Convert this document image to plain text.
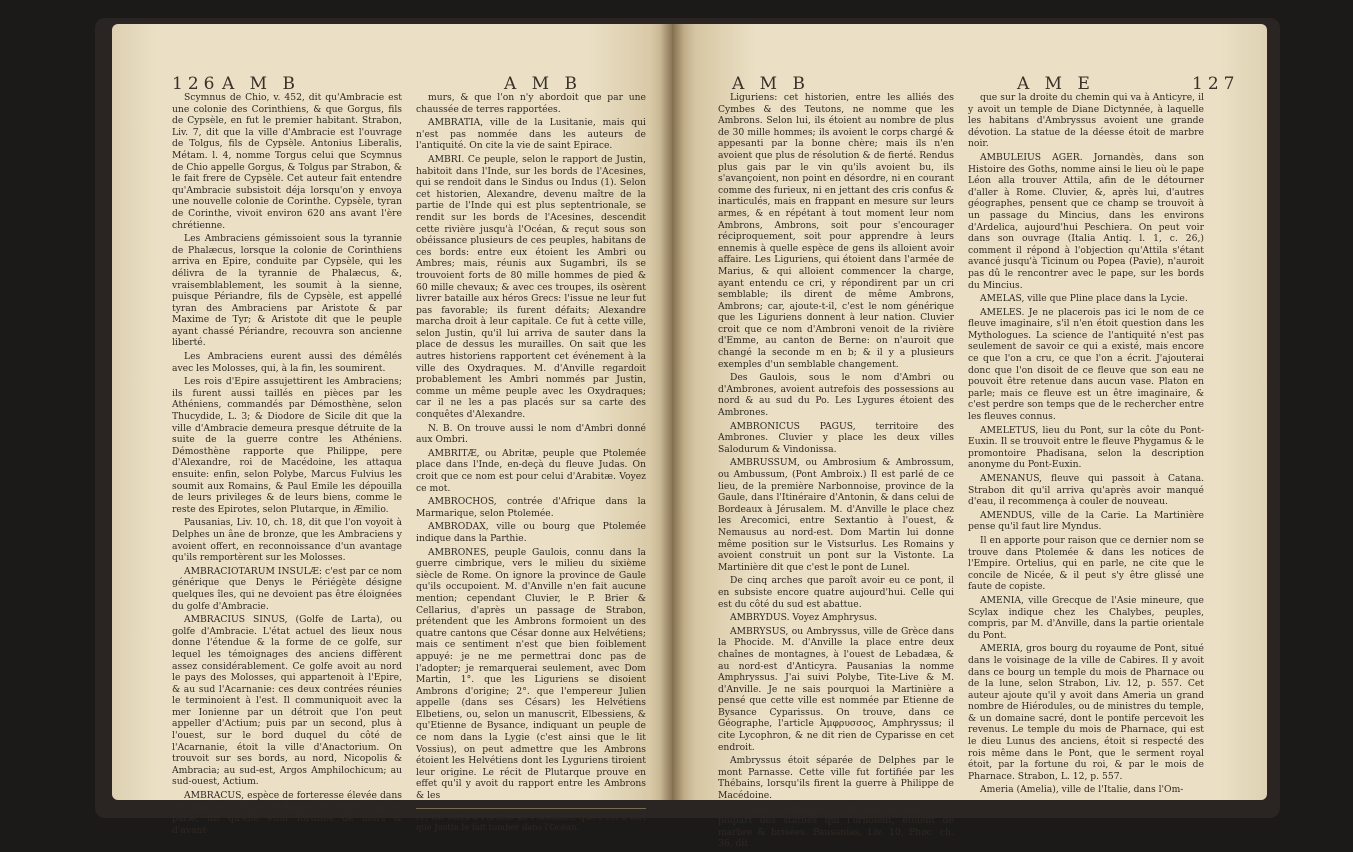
126 A M B	A M B

Scymnus de Chio, v. 452, dit qu'Ambracie est une colonie des Corinthiens, & que Gorgus, fils de Cypsèle, en fut le premier habitant. Strabon, Liv. 7, dit que la ville d'Ambracie est l'ouvrage de Tolgus, fils de Cypsèle. Antonius Liberalis, Métam. l. 4, nomme Torgus celui que Scymnus de Chio appelle Gorgus, & Tolgus par Strabon, & le fait frere de Cypsèle. Cet auteur fait entendre qu'Ambracie subsistoit déja lorsqu'on y envoya une nouvelle colonie de Corinthe. Cypsèle, tyran de Corinthe, vivoit environ 620 ans avant l'ère chrétienne.

Les Ambraciens gémissoient sous la tyrannie de Phalæcus, lorsque la colonie de Corinthiens arriva en Epire, conduite par Cypsèle, qui les délivra de la tyrannie de Phalæcus, &, vraisemblablement, les soumit à la sienne, puisque Périandre, fils de Cypsèle, est appellé tyran des Ambraciens par Aristote & par Maxime de Tyr; & Aristote dit que le peuple ayant chassé Périandre, recouvra son ancienne liberté.

Les Ambraciens eurent aussi des démêlés avec les Molosses, qui, à la fin, les soumirent.

Les rois d'Epire assujettirent les Ambraciens; ils furent aussi taillés en pièces par les Athéniens, commandés par Démosthène, selon Thucydide, L. 3; & Diodore de Sicile dit que la ville d'Ambracie demeura presque détruite de la suite de la guerre contre les Athéniens. Démosthène rapporte que Philippe, pere d'Alexandre, roi de Macédoine, les attaqua ensuite: enfin, selon Polybe, Marcus Fulvius les soumit aux Romains, & Paul Emile les dépouilla de leurs privileges & de leurs biens, comme le reste des Epirotes, selon Plutarque, in Æmilio.

Pausanias, Liv. 10, ch. 18, dit que l'on voyoit à Delphes un âne de bronze, que les Ambraciens y avoient offert, en reconnoissance d'un avantage qu'ils remportèrent sur les Molosses.

AMBRACIOTARUM INSULÆ: c'est par ce nom générique que Denys le Périégète désigne quelques îles, qui ne devoient pas être éloignées du golfe d'Ambracie.

AMBRACIUS SINUS, (Golfe de Larta), ou golfe d'Ambracie. L'état actuel des lieux nous donne l'étendue & la forme de ce golfe, sur lequel les témoignages des anciens diffèrent assez considérablement. Ce golfe avoit au nord le pays des Molosses, qui appartenoit à l'Epire, & au sud l'Acarnanie: ces deux contrées réunies le terminoient à l'est. Il communiquoit avec la mer Ionienne par un détroit que l'on peut appeller d'Actium; puis par un second, plus à l'ouest, sur le bord duquel du côté de l'Acarnanie, étoit la ville d'Anactorium. On trouvoit sur ses bords, au nord, Nicopolis & Ambracia; au sud-est, Argos Amphilochicum; au sud-ouest, Actium.

AMBRACUS, espèce de forteresse élevée dans des marais, à l'ouest d'Ambracie. Polybe, qui en parle, dit qu'elle étoit fortifiée de murs & d'avant-

murs, & que l'on n'y abordoit que par une chaussée de terres rapportées.

AMBRATIA, ville de la Lusitanie, mais qui n'est pas nommée dans les auteurs de l'antiquité. On cite la vie de saint Epirace.

AMBRI. Ce peuple, selon le rapport de Justin, habitoit dans l'Inde, sur les bords de l'Acesines, qui se rendoit dans le Sindus ou Indus (1). Selon cet historien, Alexandre, devenu maître de la partie de l'Inde qui est plus septentrionale, se rendit sur les bords de l'Acesines, descendit cette rivière jusqu'à l'Océan, & reçut sous son obéissance plusieurs de ces peuples, habitans de ces bords: entre eux étoient les Ambri ou Ambres; mais, réunis aux Sugambri, ils se trouvoient forts de 80 mille hommes de pied & 60 mille chevaux; & avec ces troupes, ils osèrent livrer bataille aux héros Grecs: l'issue ne leur fut pas favorable; ils furent défaits; Alexandre marcha droit à leur capitale. Ce fut à cette ville, selon Justin, qu'il lui arriva de sauter dans la place de dessus les murailles. On sait que les autres historiens rapportent cet événement à la ville des Oxydraques. M. d'Anville regardoit probablement les Ambri nommés par Justin, comme un même peuple avec les Oxydraques; car il ne les a pas placés sur sa carte des conquêtes d'Alexandre.

N. B. On trouve aussi le nom d'Ambri donné aux Ombri.

AMBRITÆ, ou Abritæ, peuple que Ptolemée place dans l'Inde, en-deçà du fleuve Judas. On croit que ce nom est pour celui d'Arabitæ. Voyez ce mot.

AMBROCHOS, contrée d'Afrique dans la Marmarique, selon Ptolemée.

AMBRODAX, ville ou bourg que Ptolemée indique dans la Parthie.

AMBRONES, peuple Gaulois, connu dans la guerre cimbrique, vers le milieu du sixième siècle de Rome. On ignore la province de Gaule qu'ils occupoient. M. d'Anville n'en fait aucune mention; cependant Cluvier, le P. Brier & Cellarius, d'après un passage de Strabon, prétendent que les Ambrons formoient un des quatre cantons que César donne aux Helvétiens; mais ce sentiment n'est que bien foiblement appuyé: je ne me permettrai donc pas de l'adopter; je remarquerai seulement, avec Dom Martin, 1°. que les Liguriens se disoient Ambrons d'origine; 2°. que l'empereur Julien appelle (dans ses Césars) les Helvétiens Elbetiens, ou, selon un manuscrit, Elbessiens, & qu'Etienne de Bysance, indiquant un peuple de ce nom dans la Lygie (c'est ainsi que le lit Vossius), on peut admettre que les Ambrons étoient les Helvétiens dont les Lyguriens tiroient leur origine. Le récit de Plutarque prouve en effet qu'il y avoit du rapport entre les Ambrons & les

(1) On verra à l'article de l'Acesines, que c'est à tort que Justin le fait tomber dans l'Océan.
A M B	A M E	127

Liguriens: cet historien, entre les alliés des Cymbes & des Teutons, ne nomme que les Ambrons. Selon lui, ils étoient au nombre de plus de 30 mille hommes; ils avoient le corps chargé & appesanti par la bonne chère; mais ils n'en avoient que plus de résolution & de fierté. Rendus plus gais par le vin qu'ils avoient bu, ils s'avançoient, non point en désordre, ni en courant comme des furieux, ni en jettant des cris confus & inarticulés, mais en frappant en mesure sur leurs armes, & en répétant à tout moment leur nom Ambrons, Ambrons, soit pour s'encourager réciproquement, soit pour apprendre à leurs ennemis à quelle espèce de gens ils alloient avoir affaire. Les Liguriens, qui étoient dans l'armée de Marius, & qui alloient commencer la charge, ayant entendu ce cri, y répondirent par un cri semblable; ils dirent de même Ambrons, Ambrons; car, ajoute-t-il, c'est le nom générique que les Liguriens donnent à leur nation. Cluvier croit que ce nom d'Ambroni venoit de la rivière d'Emme, au canton de Berne: on n'auroit que changé la seconde m en b; & il y a plusieurs exemples d'un semblable changement.

Des Gaulois, sous le nom d'Ambri ou d'Ambrones, avoient autrefois des possessions au nord & au sud du Po. Les Lygures étoient des Ambrones.

AMBRONICUS PAGUS, territoire des Ambrones. Cluvier y place les deux villes Salodurum & Vindonissa.

AMBRUSSUM, ou Ambrosium & Ambrossum, ou Ambussum, (Pont Ambroix.) Il est parlé de ce lieu, de la première Narbonnoise, province de la Gaule, dans l'Itinéraire d'Antonin, & dans celui de Bordeaux à Jérusalem. M. d'Anville le place chez les Arecomici, entre Sextantio à l'ouest, & Nemausus au nord-est. Dom Martin lui donne même position sur le Vistsurlus. Les Romains y avoient construit un pont sur la Vistonte. La Martinière dit que c'est le pont de Lunel.

De cinq arches que paroît avoir eu ce pont, il en subsiste encore quatre aujourd'hui. Celle qui est du côté du sud est abattue.

AMBRYDUS. Voyez Amphrysus.

AMBRYSUS, ou Ambryssus, ville de Grèce dans la Phocide. M. d'Anville la place entre deux chaînes de montagnes, à l'ouest de Lebadæa, & au nord-est d'Anticyra. Pausanias la nomme Amphryssus. J'ai suivi Polybe, Tite-Live & M. d'Anville. Je ne sais pourquoi la Martinière a pensé que cette ville est nommée par Etienne de Bysance Cyparissus. On trouve, dans ce Géographe, l'article Ἀμφρυσσος, Amphryssus; il cite Lycophron, & ne dit rien de Cyparisse en cet endroit.

Ambryssus étoit séparée de Delphes par le mont Parnasse. Cette ville fut fortifiée par les Thébains, lorsqu'ils firent la guerre à Philippe de Macédoine.

La place publique n'étoit pas grande, & la plupart des statues qui l'ornoient, étoient de marbre & brisées. Pausanias, Liv. 10, Phoc. ch. 36, dit

que sur la droite du chemin qui va à Anticyre, il y avoit un temple de Diane Dictynnée, à laquelle les habitans d'Ambryssus avoient une grande dévotion. La statue de la déesse étoit de marbre noir.

AMBULEIUS AGER. Jornandès, dans son Histoire des Goths, nomme ainsi le lieu où le pape Léon alla trouver Attila, afin de le détourner d'aller à Rome. Cluvier, &, après lui, d'autres géographes, pensent que ce champ se trouvoit à un passage du Mincius, dans les environs d'Ardelica, aujourd'hui Peschiera. On peut voir dans son ouvrage (Italia Antiq. l. 1, c. 26,) comment il répond à l'objection qu'Attila s'étant avancé jusqu'à Ticinum ou Popea (Pavie), n'auroit pas dû le rencontrer avec le pape, sur les bords du Mincius.

AMELAS, ville que Pline place dans la Lycie.

AMELES. Je ne placerois pas ici le nom de ce fleuve imaginaire, s'il n'en étoit question dans les Mythologues. La science de l'antiquité n'est pas seulement de savoir ce qui a existé, mais encore ce que l'on a cru, ce que l'on a écrit. J'ajouterai donc que l'on disoit de ce fleuve que son eau ne pouvoit être retenue dans aucun vase. Platon en parle; mais ce fleuve est un être imaginaire, & c'est perdre son temps que de le rechercher entre les fleuves connus.

AMELETUS, lieu du Pont, sur la côte du Pont-Euxin. Il se trouvoit entre le fleuve Phygamus & le promontoire Phadisana, selon la description anonyme du Pont-Euxin.

AMENANUS, fleuve qui passoit à Catana. Strabon dit qu'il arriva qu'après avoir manqué d'eau, il recommença à couler de nouveau.

AMENDUS, ville de la Carie. La Martinière pense qu'il faut lire Myndus.

Il en apporte pour raison que ce dernier nom se trouve dans Ptolemée & dans les notices de l'Empire. Ortelius, qui en parle, ne cite que le concile de Nicée, & il peut s'y être glissé une faute de copiste.

AMENIA, ville Grecque de l'Asie mineure, que Scylax indique chez les Chalybes, peuples, compris, par M. d'Anville, dans la partie orientale du Pont.

AMERIA, gros bourg du royaume de Pont, situé dans le voisinage de la ville de Cabires. Il y avoit dans ce bourg un temple du mois de Pharnace ou de la lune, selon Strabon, Liv. 12, p. 557. Cet auteur ajoute qu'il y avoit dans Ameria un grand nombre de Hiérodules, ou de ministres du temple, & un domaine sacré, dont le pontife percevoit les revenus. Le temple du mois de Pharnace, qui est le dieu Lunus des anciens, étoit si respecté des rois même dans le Pont, que le serment royal étoit, par la fortune du roi, & par le mois de Pharnace. Strabon, L. 12, p. 557.

Ameria (Amelia), ville de l'Italie, dans l'Om-
